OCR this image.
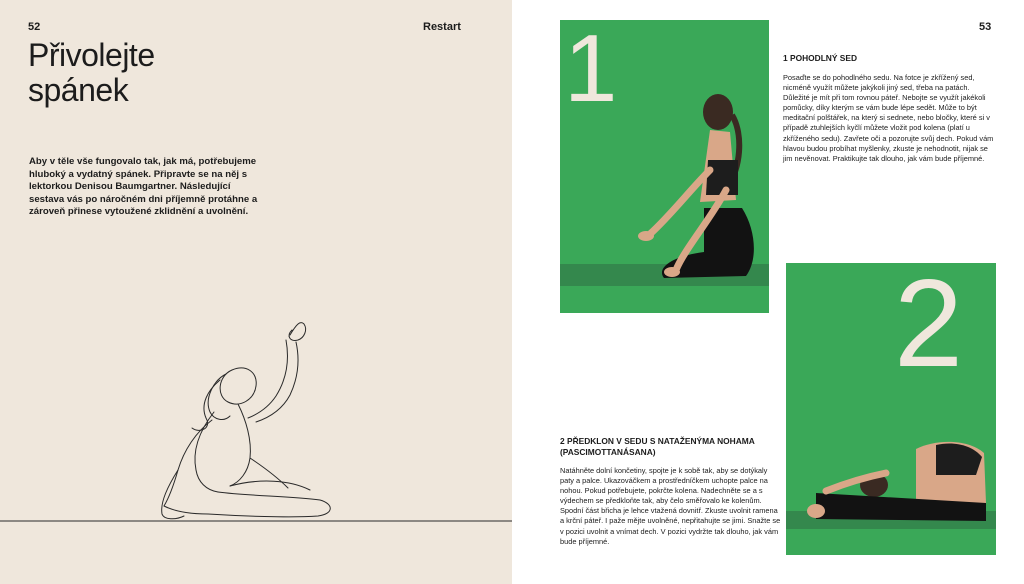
52	Restart
Přivolejte
spánek

Aby v těle vše fungovalo tak, jak má, potřebujeme hluboký a vydatný spánek. Připravte se na něj s lektorkou Denisou Baumgartner. Následující sestava vás po náročném dni příjemně protáhne a zároveň přinese vytoužené zklidnění a uvolnění.

53
1	1 POHODLNÝ SED

Posaďte se do pohodlného sedu. Na fotce je zkřížený sed, nicméně využít můžete jakýkoli jiný sed, třeba na patách. Důležité je mít při tom rovnou páteř. Nebojte se využít jakékoli pomůcky, díky kterým se vám bude lépe sedět. Může to být meditační polštářek, na který si sednete, nebo bločky, které si v případě ztuhlejších kyčlí můžete vložit pod kolena (platí u zkříženého sedu). Zavřete oči a pozorujte svůj dech. Pokud vám hlavou budou probíhat myšlenky, zkuste je nehodnotit, nijak se jim nevěnovat. Praktikujte tak dlouho, jak vám bude příjemné.

2
2 PŘEDKLON V SEDU S NATAŽENÝMA NOHAMA
(PASCIMOTTANÁSANA)

Natáhněte dolní končetiny, spojte je k sobě tak, aby se dotýkaly paty a palce. Ukazováčkem a prostředníčkem uchopte palce na nohou. Pokud potřebujete, pokrčte kolena. Nadechněte se a s výdechem se předkloňte tak, aby čelo směřovalo ke kolenům. Spodní část břicha je lehce vtažená dovnitř. Zkuste uvolnit ramena a krční páteř. I paže mějte uvolněné, nepřitahujte se jimi. Snažte se v pozici uvolnit a vnímat dech. V pozici vydržte tak dlouho, jak vám bude příjemné.
